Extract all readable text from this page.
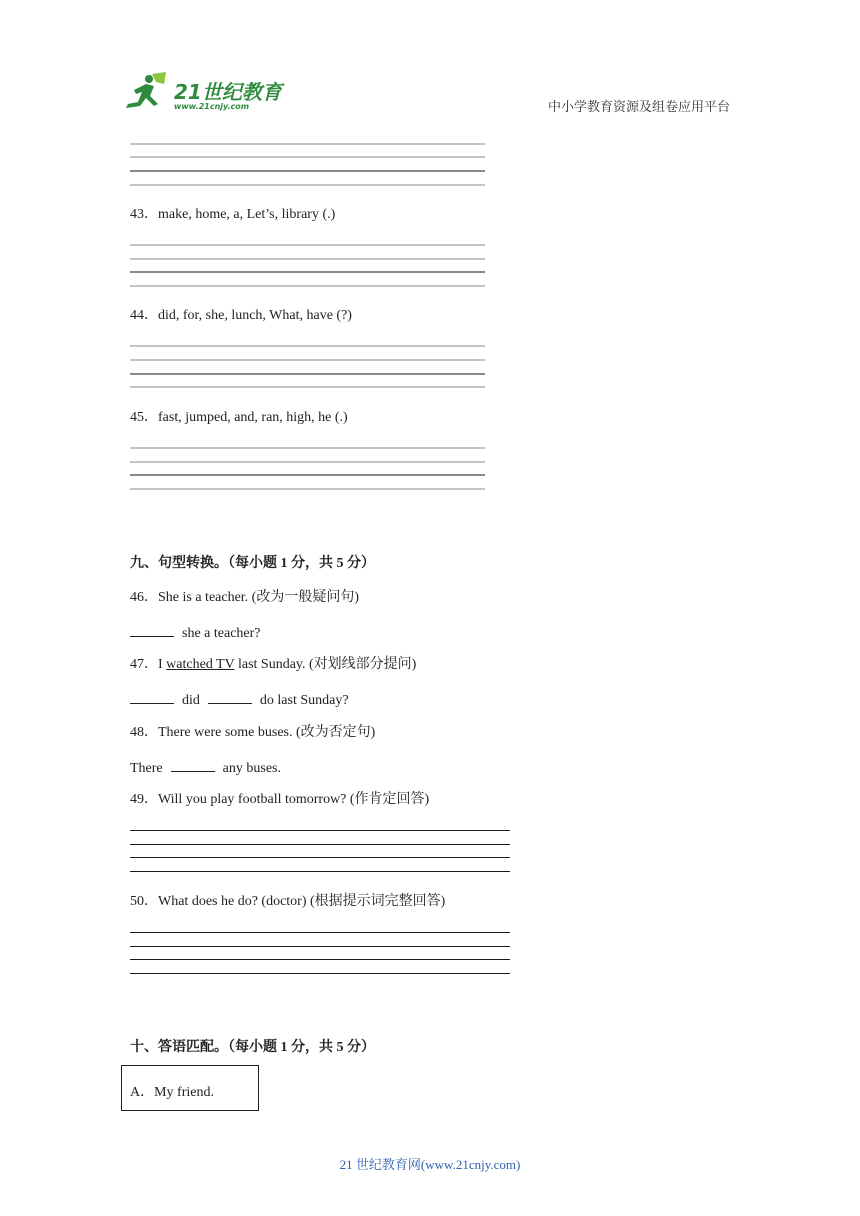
21世纪教育
www.21cnjy.com	中小学教育资源及组卷应用平台
43．make, home, a, Let’s, library (.)
44．did, for, she, lunch, What, have (?)
45．fast, jumped, and, ran, high, he (.)
九、句型转换。（每小题 1 分，共 5 分）
46．She is a teacher. (改为一般疑问句)
she a teacher?
47．I watched TV last Sunday. (对划线部分提问)
did	do last Sunday?
48．There were some buses. (改为否定句)
There	any buses.
49．Will you play football tomorrow? (作肯定回答)
50．What does he do? (doctor) (根据提示词完整回答)
十、答语匹配。（每小题 1 分，共 5 分）
A．My friend.
21 世纪教育网(www.21cnjy.com)
